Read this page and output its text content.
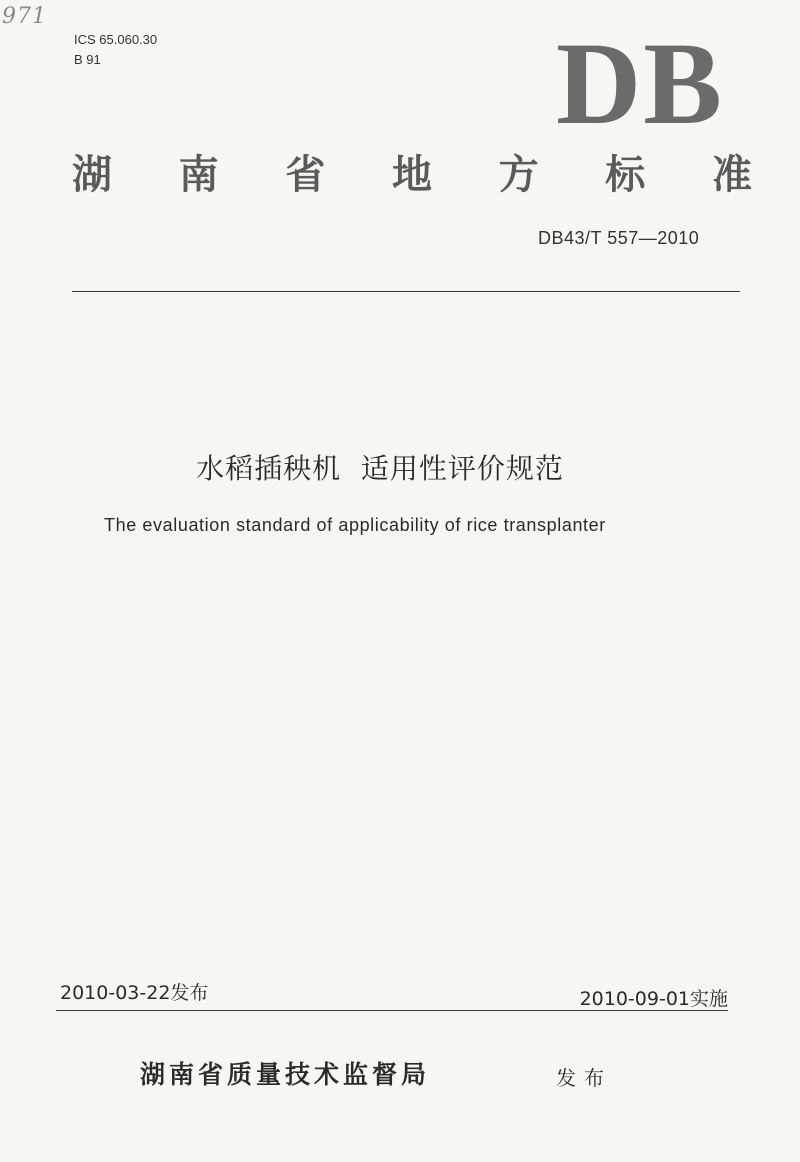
971
ICS 65.060.30
B 91	DB
湖 南 省 地 方 标 准
DB43/T 557—2010
水稻插秧机  适用性评价规范
The evaluation standard of applicability of rice transplanter
2010-03-22发布	2010-09-01实施
湖南省质量技术监督局	发布
